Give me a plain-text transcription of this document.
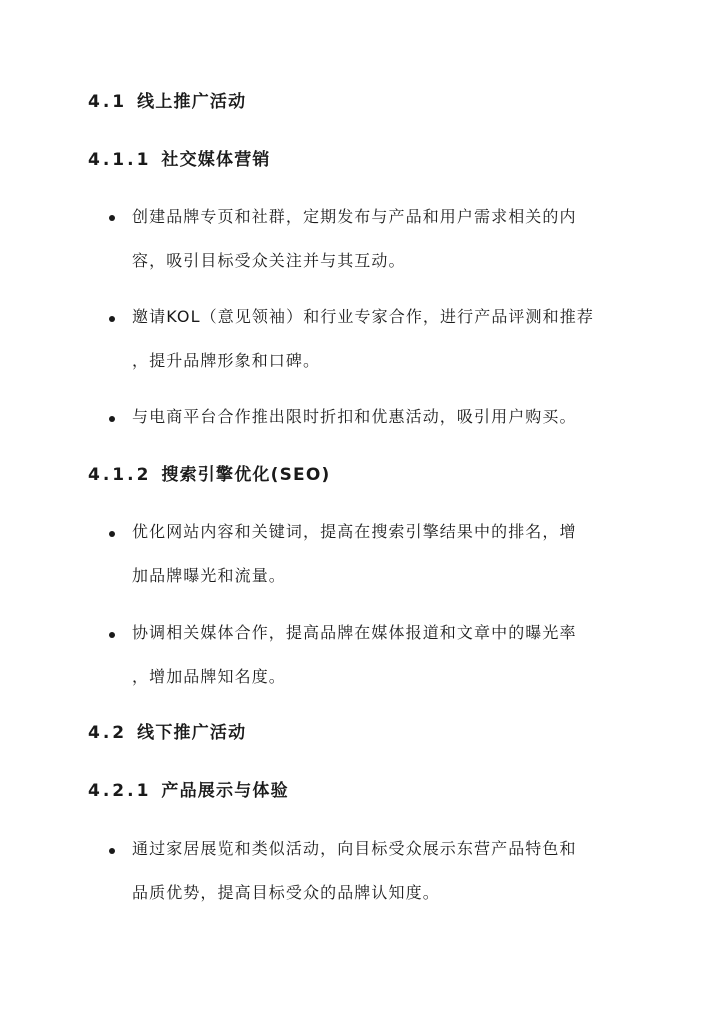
4.1 线上推广活动
4.1.1 社交媒体营销
创建品牌专页和社群，定期发布与产品和用户需求相关的内
容，吸引目标受众关注并与其互动。
邀请KOL（意见领袖）和行业专家合作，进行产品评测和推荐
，提升品牌形象和口碑。
与电商平台合作推出限时折扣和优惠活动，吸引用户购买。
4.1.2 搜索引擎优化(SEO)
优化网站内容和关键词，提高在搜索引擎结果中的排名，增
加品牌曝光和流量。
协调相关媒体合作，提高品牌在媒体报道和文章中的曝光率
，增加品牌知名度。
4.2 线下推广活动
4.2.1 产品展示与体验
通过家居展览和类似活动，向目标受众展示东营产品特色和
品质优势，提高目标受众的品牌认知度。
